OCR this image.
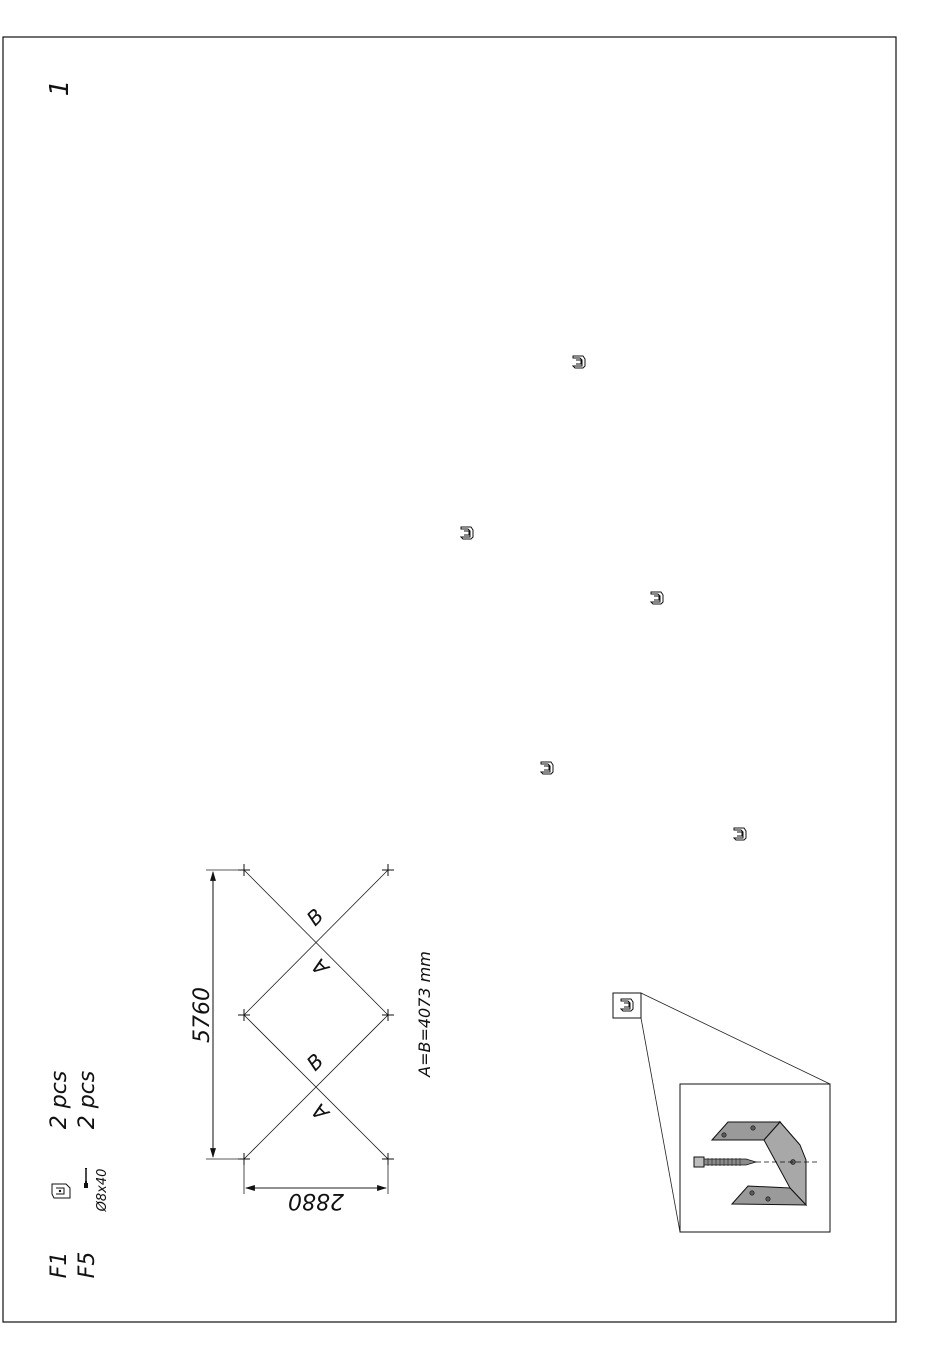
1
B
A
B
A
5760
2880
A=B=4073 mm
F1 F5
Ø8x40
2 pcs 2 pcs
